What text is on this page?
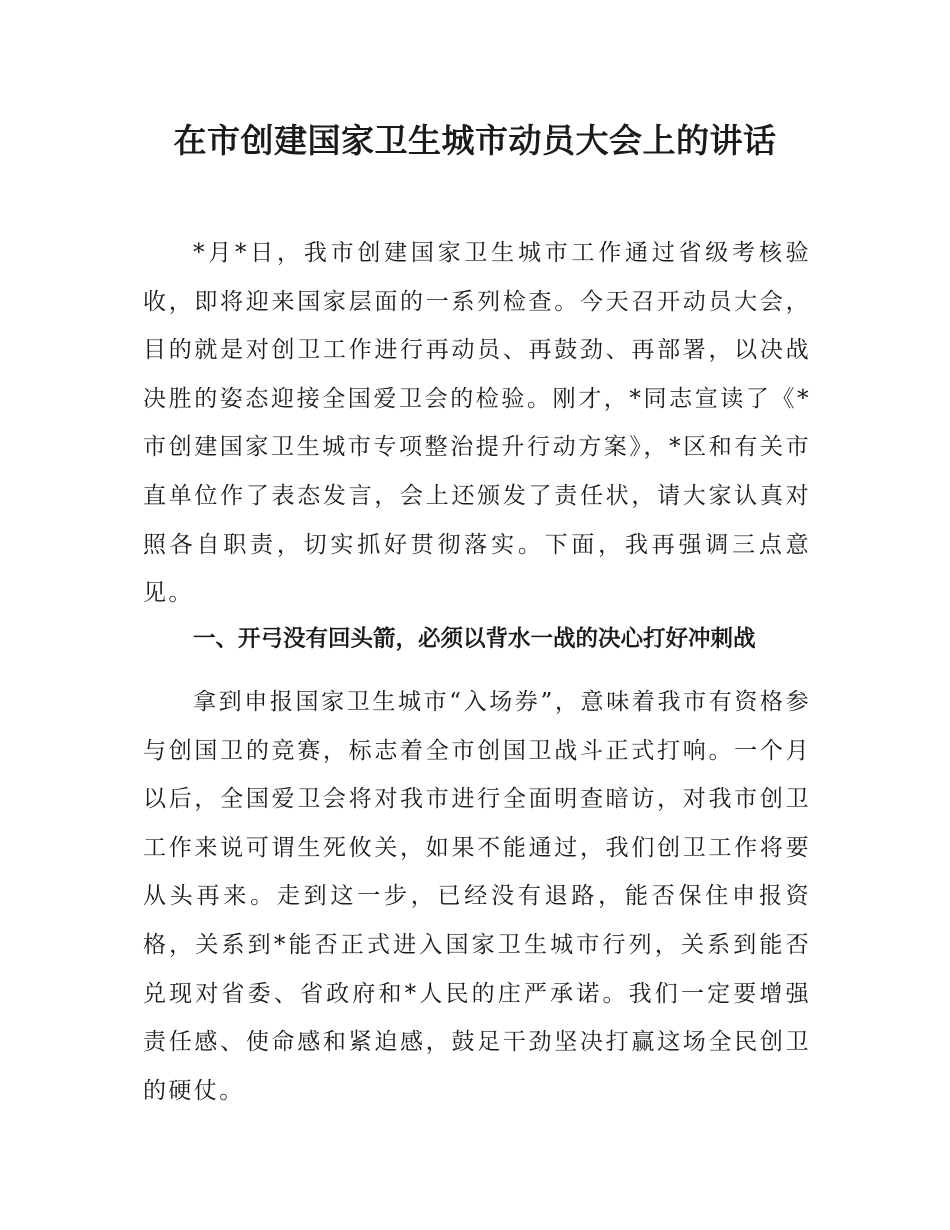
在市创建国家卫生城市动员大会上的讲话

*月*日，我市创建国家卫生城市工作通过省级考核验收，即将迎来国家层面的一系列检查。今天召开动员大会，目的就是对创卫工作进行再动员、再鼓劲、再部署，以决战决胜的姿态迎接全国爱卫会的检验。刚才，*同志宣读了《*市创建国家卫生城市专项整治提升行动方案》，*区和有关市直单位作了表态发言，会上还颁发了责任状，请大家认真对照各自职责，切实抓好贯彻落实。下面，我再强调三点意见。

一、开弓没有回头箭，必须以背水一战的决心打好冲刺战

拿到申报国家卫生城市“入场券”，意味着我市有资格参与创国卫的竞赛，标志着全市创国卫战斗正式打响。一个月以后，全国爱卫会将对我市进行全面明查暗访，对我市创卫工作来说可谓生死攸关，如果不能通过，我们创卫工作将要从头再来。走到这一步，已经没有退路，能否保住申报资格，关系到*能否正式进入国家卫生城市行列，关系到能否兑现对省委、省政府和*人民的庄严承诺。我们一定要增强责任感、使命感和紧迫感，鼓足干劲坚决打赢这场全民创卫的硬仗。
